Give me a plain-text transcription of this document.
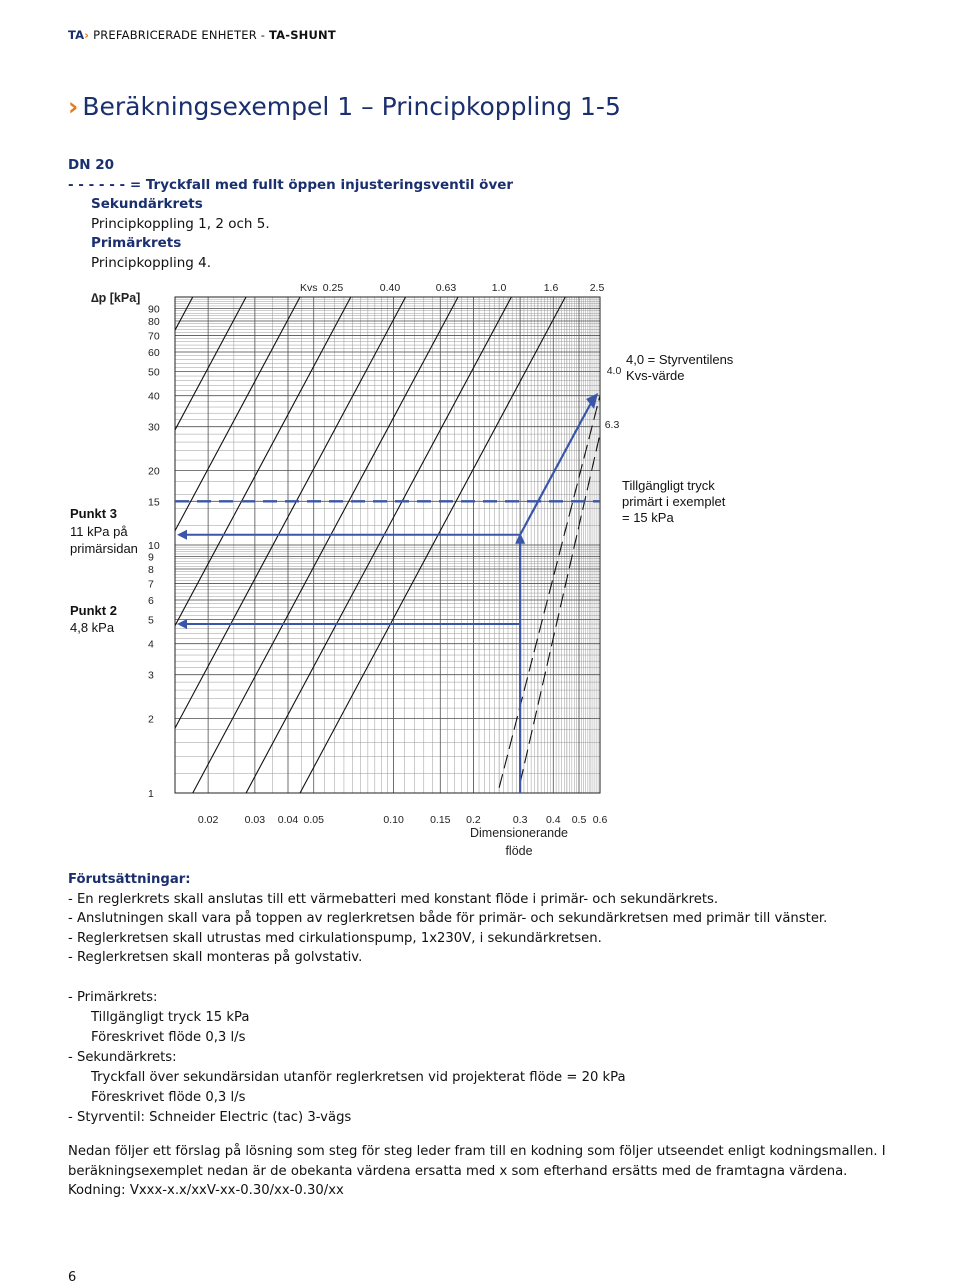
TA› PREFABRICERADE ENHETER - TA-SHUNT
› Beräkningsexempel 1 – Principkoppling 1-5
DN 20
- - - - - - = Tryckfall med fullt öppen injusteringsventil över
Sekundärkrets
Principkoppling 1, 2 och 5.
Primärkrets
Principkoppling 4.
90
80
70
60
50
40
30
20
15
10
9
8
7
6
5
4
3
2
1
0.02	0.03 0.04 0.05	0.10	0.15 0.2	0.3 0.4 0.5 0.6
∆p [kPa]
Dimensionerande
flöde
Kvs 0.25	0.40	0.63	1.0	1.6	2.5
4.0
6.3
Punkt 3
11 kPa på
primärsidan
Punkt 2
4,8 kPa
4,0 = Styrventilens
Kvs-värde
Tillgängligt tryck
primärt i exemplet
= 15 kPa
Förutsättningar:
- En reglerkrets skall anslutas till ett värmebatteri med konstant flöde i primär- och sekundärkrets.
- Anslutningen skall vara på toppen av reglerkretsen både för primär- och sekundärkretsen med primär till vänster.
- Reglerkretsen skall utrustas med cirkulationspump, 1x230V, i sekundärkretsen.
- Reglerkretsen skall monteras på golvstativ.
- Primärkrets:
Tillgängligt tryck 15 kPa
Föreskrivet flöde 0,3 l/s
- Sekundärkrets:
Tryckfall över sekundärsidan utanför reglerkretsen vid projekterat flöde = 20 kPa
Föreskrivet flöde 0,3 l/s
- Styrventil: Schneider Electric (tac) 3-vägs
Nedan följer ett förslag på lösning som steg för steg leder fram till en kodning som följer utseendet enligt kodningsmallen. I beräkningsexemplet nedan är de obekanta värdena ersatta med x som efterhand ersätts med de framtagna värdena.
Kodning: Vxxx-x.x/xxV-xx-0.30/xx-0.30/xx
6
